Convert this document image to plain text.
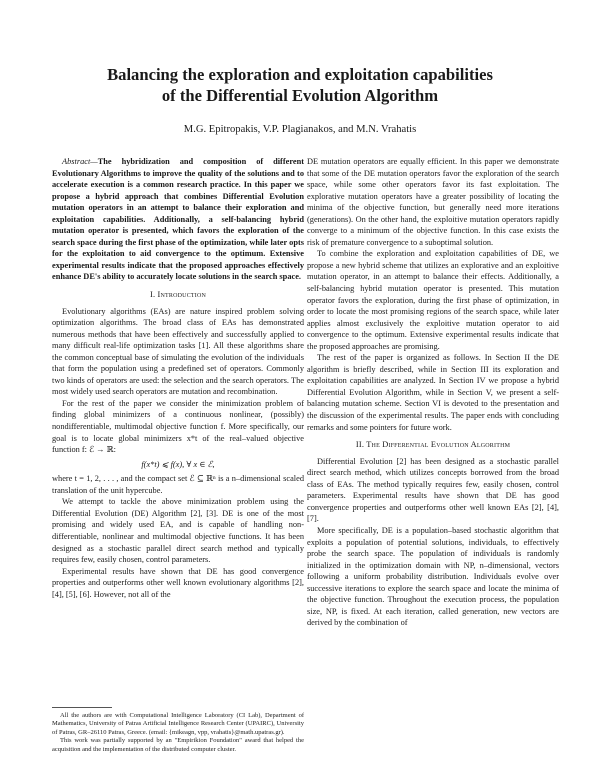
Balancing the exploration and exploitation capabilities
of the Differential Evolution Algorithm
M.G. Epitropakis, V.P. Plagianakos, and M.N. Vrahatis

Abstract—The hybridization and composition of different Evolutionary Algorithms to improve the quality of the solutions and to accelerate execution is a common research practice. In this paper we propose a hybrid approach that combines Differential Evolution mutation operators in an attempt to balance their exploration and exploitation capabilities. Additionally, a self-balancing hybrid mutation operator is presented, which favors the exploration of the search space during the first phase of the optimization, while later opts for the exploitation to aid convergence to the optimum. Extensive experimental results indicate that the proposed approaches effectively enhance DE's ability to accurately locate solutions in the search space.

I. Introduction

Evolutionary algorithms (EAs) are nature inspired problem solving optimization algorithms. The broad class of EAs has demonstrated numerous methods that have been effectively and successfully applied to many difficult real-life optimization tasks [1]. All these algorithms share the common conceptual base of simulating the evolution of the individuals that form the population using a predefined set of operators. Commonly two kinds of operators are used: the selection and the search operators. The most widely used search operators are mutation and recombination.

For the rest of the paper we consider the minimization problem of finding global minimizers of a continuous nonlinear, (possibly) nondifferentiable, multimodal objective function f. More specifically, our goal is to locate global minimizers x*t of the real–valued objective function f: ℰ → ℝ:

f(x*t) ⩽ f(x), ∀ x ∈ ℰ,

where t = 1, 2, . . . , and the compact set ℰ ⊆ ℝⁿ is a n–dimensional scaled translation of the unit hypercube.

We attempt to tackle the above minimization problem using the Differential Evolution (DE) Algorithm [2], [3]. DE is one of the most promising and widely used EA, and is capable of handling non-differentiable, nonlinear and multimodal objective functions. It has been designed as a stochastic parallel direct search method and typically requires few, easily chosen, control parameters.

Experimental results have shown that DE has good convergence properties and outperforms other well known evolutionary algorithms [2], [4], [5], [6]. However, not all of the

All the authors are with Computational Intelligence Laboratory (CI Lab), Department of Mathematics, University of Patras Artificial Intelligence Research Center (UPAIRC), University of Patras, GR–26110 Patras, Greece. (email: {mikeagn, vpp, vrahatis}@math.upatras.gr).

This work was partially supported by an "Empirikion Foundation" award that helped the acquisition and the implementation of the distributed computer cluster.

DE mutation operators are equally efficient. In this paper we demonstrate that some of the DE mutation operators favor the exploration of the search space, while some other operators favor its fast exploitation. The explorative mutation operators have a greater possibility of locating the minima of the objective function, but generally need more iterations (generations). On the other hand, the exploitive mutation operators rapidly converge to a minimum of the objective function. In this case exists the risk of premature convergence to a suboptimal solution.

To combine the exploration and exploitation capabilities of DE, we propose a new hybrid scheme that utilizes an explorative and an exploitive mutation operator, in an attempt to balance their effects. Additionally, a self-balancing hybrid mutation operator is presented. This mutation operator favors the exploration, during the first phase of optimization, in order to locate the most promising regions of the search space, while later applies almost exclusively the exploitive mutation operator to aid convergence to the optimum. Extensive experimental results indicate that the proposed approaches are promising.

The rest of the paper is organized as follows. In Section II the DE algorithm is briefly described, while in Section III its exploration and exploitation capabilities are analyzed. In Section IV we propose a hybrid Differential Evolution Algorithm, while in Section V, we present a self-balancing mutation scheme. Section VI is devoted to the presentation and the discussion of the experimental results. The paper ends with concluding remarks and some pointers for future work.

II. The Differential Evolution Algorithm

Differential Evolution [2] has been designed as a stochastic parallel direct search method, which utilizes concepts borrowed from the broad class of EAs. The method typically requires few, easily chosen, control parameters. Experimental results have shown that DE has good convergence properties and outperforms other well known EAs [2], [4], [7].

More specifically, DE is a population–based stochastic algorithm that exploits a population of potential solutions, individuals, to effectively probe the search space. The population of individuals is randomly initialized in the optimization domain with NP, n–dimensional, vectors following a uniform probability distribution. Individuals evolve over successive iterations to explore the search space and locate the minima of the objective function. Throughout the execution process, the population size, NP, is fixed. At each iteration, called generation, new vectors are derived by the combination of
